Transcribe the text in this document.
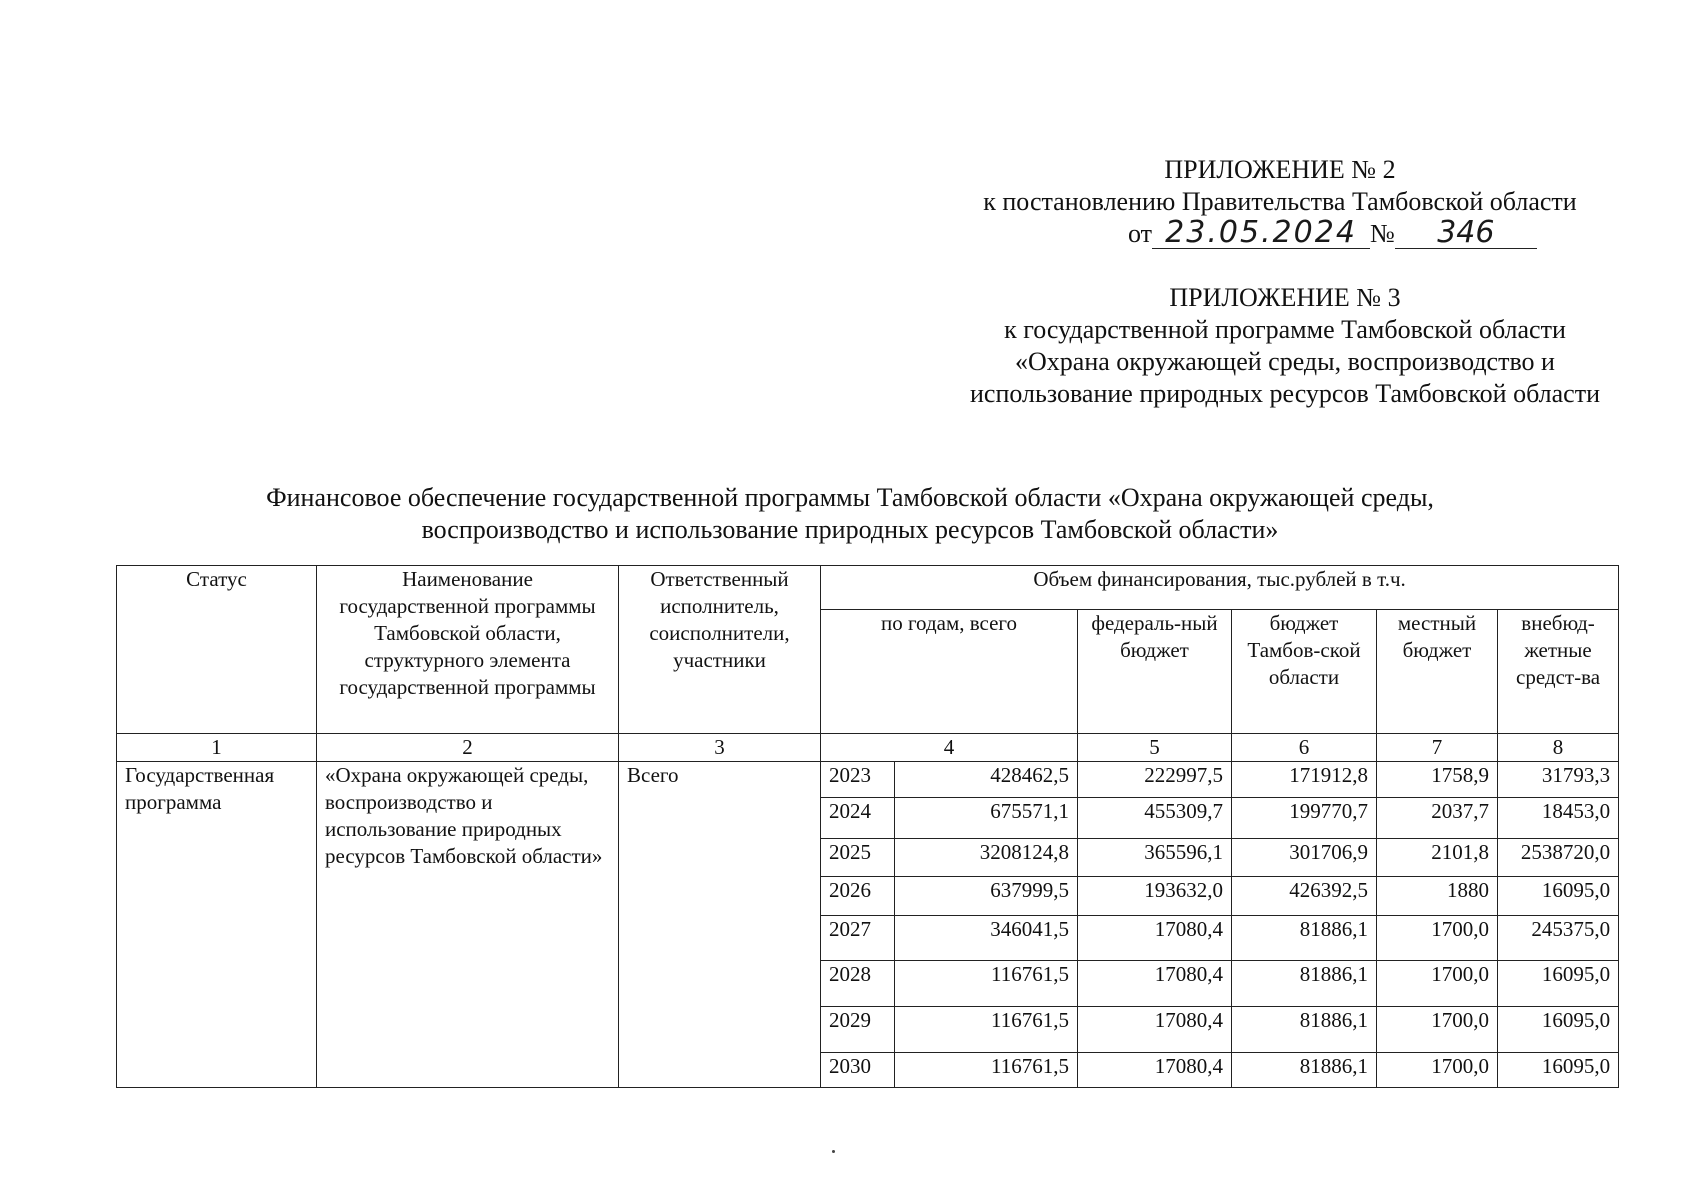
ПРИЛОЖЕНИЕ № 2
к постановлению Правительства Тамбовской области
от 23.05.2024 № 346
ПРИЛОЖЕНИЕ № 3
к государственной программе Тамбовской области
«Охрана окружающей среды, воспроизводство и
использование природных ресурсов Тамбовской области
Финансовое обеспечение государственной программы Тамбовской области «Охрана окружающей среды,
воспроизводство и использование природных ресурсов Тамбовской области»
Статус	Наименование государственной программы Тамбовской области, структурного элемента государственной программы	Ответственный исполнитель, соисполнители, участники	Объем финансирования, тыс.рублей в т.ч.					
			по годам, всего		федераль-ный бюджет	бюджет Тамбов-ской области	местный бюджет	внебюд-жетные средст-ва
1	2	3	4		5	6	7	8
Государственная программа	«Охрана окружающей среды, воспроизводство и использование природных ресурсов Тамбовской области»	Всего	2023	428462,5	222997,5	171912,8	1758,9	31793,3
			2024	675571,1	455309,7	199770,7	2037,7	18453,0
			2025	3208124,8	365596,1	301706,9	2101,8	2538720,0
			2026	637999,5	193632,0	426392,5	1880	16095,0
			2027	346041,5	17080,4	81886,1	1700,0	245375,0
			2028	116761,5	17080,4	81886,1	1700,0	16095,0
			2029	116761,5	17080,4	81886,1	1700,0	16095,0
			2030	116761,5	17080,4	81886,1	1700,0	16095,0
